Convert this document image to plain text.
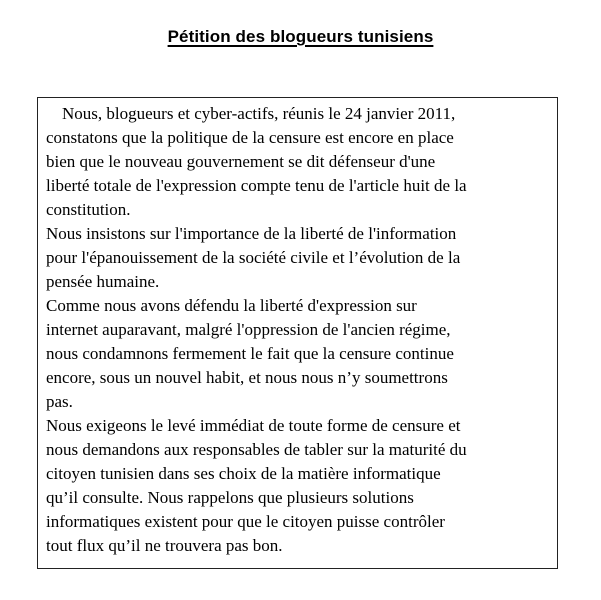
Pétition des blogueurs tunisiens
Nous, blogueurs et cyber-actifs, réunis le 24 janvier 2011,
constatons que la politique de la censure est encore en place
bien que le nouveau gouvernement se dit défenseur d'une
liberté totale de l'expression compte tenu de l'article huit de la
constitution.
Nous insistons sur l'importance de la liberté de l'information
pour l'épanouissement de la société civile et l’évolution de la
pensée humaine.
Comme nous avons défendu la liberté d'expression sur
internet auparavant, malgré l'oppression de l'ancien régime,
nous condamnons fermement le fait que la censure continue
encore, sous un nouvel habit, et nous nous n’y soumettrons
pas.
Nous exigeons le levé immédiat de toute forme de censure et
nous demandons aux responsables de tabler sur la maturité du
citoyen tunisien dans ses choix de la matière informatique
qu’il consulte. Nous rappelons que plusieurs solutions
informatiques existent pour que le citoyen puisse contrôler
tout flux qu’il ne trouvera pas bon.
